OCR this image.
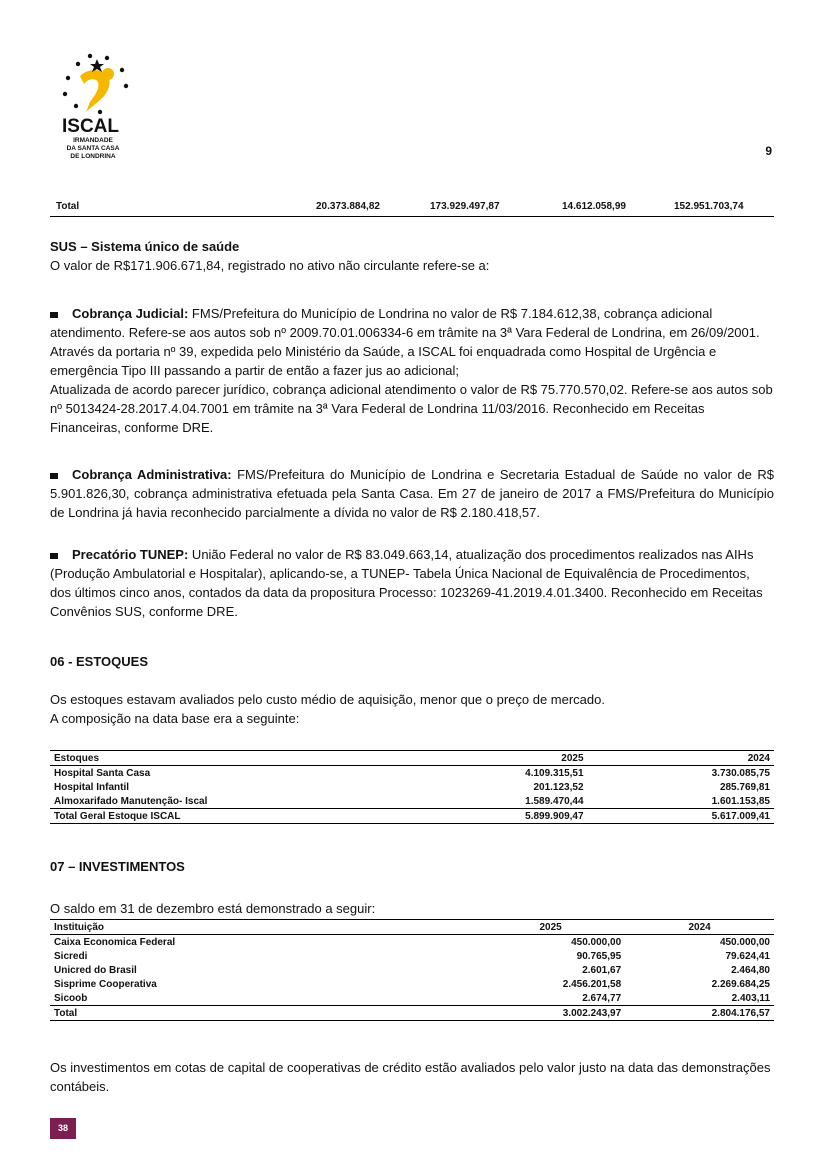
ISCAL
IRMANDADE
DA SANTA CASA
DE LONDRINA	9
Total	20.373.884,82	173.929.497,87	14.612.058,99	152.951.703,74
SUS – Sistema único de saúde

O valor de R$171.906.671,84, registrado no ativo não circulante refere-se a:

Cobrança Judicial: FMS/Prefeitura do Município de Londrina no valor de R$ 7.184.612,38, cobrança adicional atendimento. Refere-se aos autos sob nº 2009.70.01.006334-6 em trâmite na 3ª Vara Federal de Londrina, em 26/09/2001. Através da portaria nº 39, expedida pelo Ministério da Saúde, a ISCAL foi enquadrada como Hospital de Urgência e emergência Tipo III passando a partir de então a fazer jus ao adicional;

Atualizada de acordo parecer jurídico, cobrança adicional atendimento o valor de R$ 75.770.570,02. Refere-se aos autos sob nº 5013424-28.2017.4.04.7001 em trâmite na 3ª Vara Federal de Londrina 11/03/2016. Reconhecido em Receitas Financeiras, conforme DRE.

Cobrança Administrativa: FMS/Prefeitura do Município de Londrina e Secretaria Estadual de Saúde no valor de R$ 5.901.826,30, cobrança administrativa efetuada pela Santa Casa. Em 27 de janeiro de 2017 a FMS/Prefeitura do Município de Londrina já havia reconhecido parcialmente a dívida no valor de R$ 2.180.418,57.

Precatório TUNEP: União Federal no valor de R$ 83.049.663,14, atualização dos procedimentos realizados nas AIHs (Produção Ambulatorial e Hospitalar), aplicando-se, a TUNEP- Tabela Única Nacional de Equivalência de Procedimentos, dos últimos cinco anos, contados da data da propositura Processo: 1023269-41.2019.4.01.3400. Reconhecido em Receitas Convênios SUS, conforme DRE.

06 - ESTOQUES

Os estoques estavam avaliados pelo custo médio de aquisição, menor que o preço de mercado.

A composição na data base era a seguinte:

Estoques	2025	2024
Hospital Santa Casa	4.109.315,51	3.730.085,75
Hospital Infantil	201.123,52	285.769,81
Almoxarifado Manutenção- Iscal	1.589.470,44	1.601.153,85
Total Geral Estoque ISCAL	5.899.909,47	5.617.009,41
07 – INVESTIMENTOS

O saldo em 31 de dezembro está demonstrado a seguir:

Instituição	2025	2024
Caixa Economica Federal	450.000,00	450.000,00
Sicredi	90.765,95	79.624,41
Unicred do Brasil	2.601,67	2.464,80
Sisprime Cooperativa	2.456.201,58	2.269.684,25
Sicoob	2.674,77	2.403,11
Total	3.002.243,97	2.804.176,57

Os investimentos em cotas de capital de cooperativas de crédito estão avaliados pelo valor justo na data das demonstrações contábeis.

38
